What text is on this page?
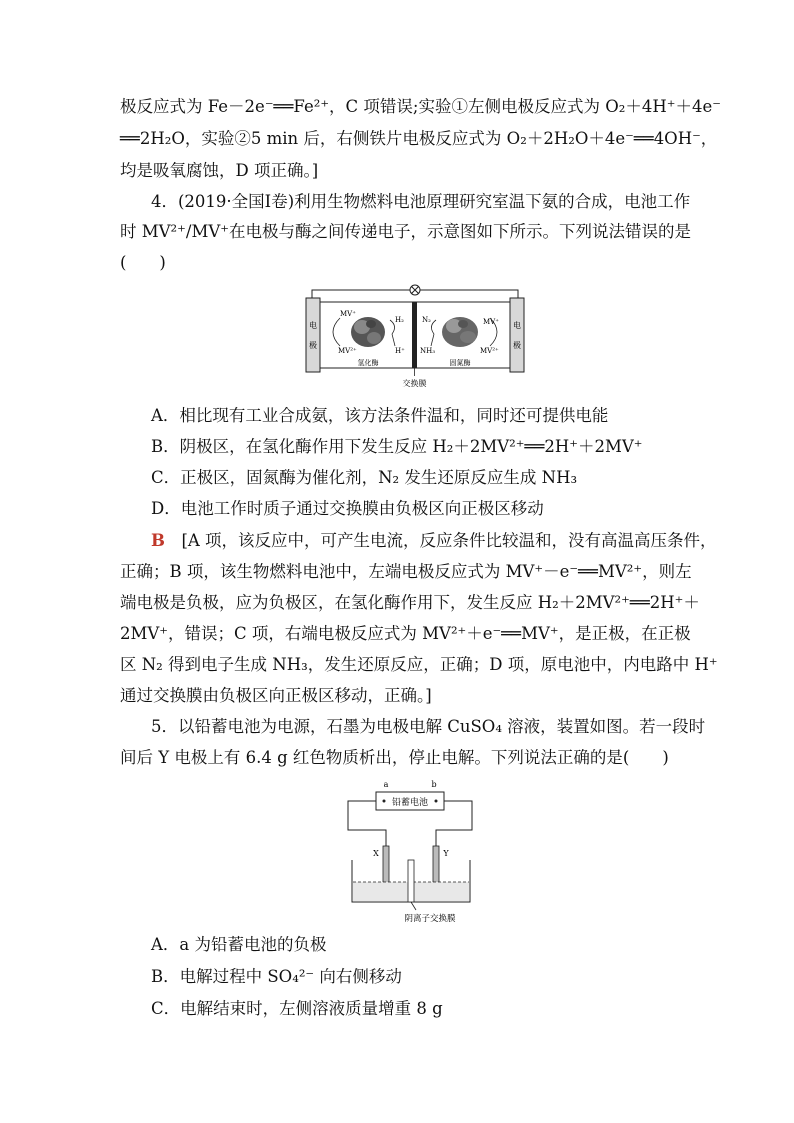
极反应式为 Fe－2e⁻══Fe²⁺，C 项错误;实验①左侧电极反应式为 O₂＋4H⁺＋4e⁻
══2H₂O，实验②5 min 后，右侧铁片电极反应式为 O₂＋2H₂O＋4e⁻══4OH⁻，
均是吸氧腐蚀，D 项正确。]
4．(2019·全国Ⅰ卷)利用生物燃料电池原理研究室温下氨的合成，电池工作
时 MV²⁺/MV⁺在电极与酶之间传递电子，示意图如下所示。下列说法错误的是
(　　)
电
极
电
极
交换膜
MV⁺
MV²⁺
H₂
H⁺
氢化酶
N₂
NH₃
MV⁺
MV²⁺
固氮酶
A．相比现有工业合成氨，该方法条件温和，同时还可提供电能
B．阴极区，在氢化酶作用下发生反应 H₂＋2MV²⁺══2H⁺＋2MV⁺
C．正极区，固氮酶为催化剂，N₂ 发生还原反应生成 NH₃
D．电池工作时质子通过交换膜由负极区向正极区移动
B　 [A 项，该反应中，可产生电流，反应条件比较温和，没有高温高压条件，
正确；B 项，该生物燃料电池中，左端电极反应式为 MV⁺－e⁻══MV²⁺，则左
端电极是负极，应为负极区，在氢化酶作用下，发生反应 H₂＋2MV²⁺══2H⁺＋
2MV⁺，错误；C 项，右端电极反应式为 MV²⁺＋e⁻══MV⁺，是正极，在正极
区 N₂ 得到电子生成 NH₃，发生还原反应，正确；D 项，原电池中，内电路中 H⁺
通过交换膜由负极区向正极区移动，正确。]
5．以铅蓄电池为电源，石墨为电极电解 CuSO₄ 溶液，装置如图。若一段时
间后 Y 电极上有 6.4 g 红色物质析出，停止电解。下列说法正确的是(　　)
铅蓄电池
a	b
X	Y
阴离子交换膜
A．a 为铅蓄电池的负极
B．电解过程中 SO₄²⁻ 向右侧移动
C．电解结束时，左侧溶液质量增重 8 g
